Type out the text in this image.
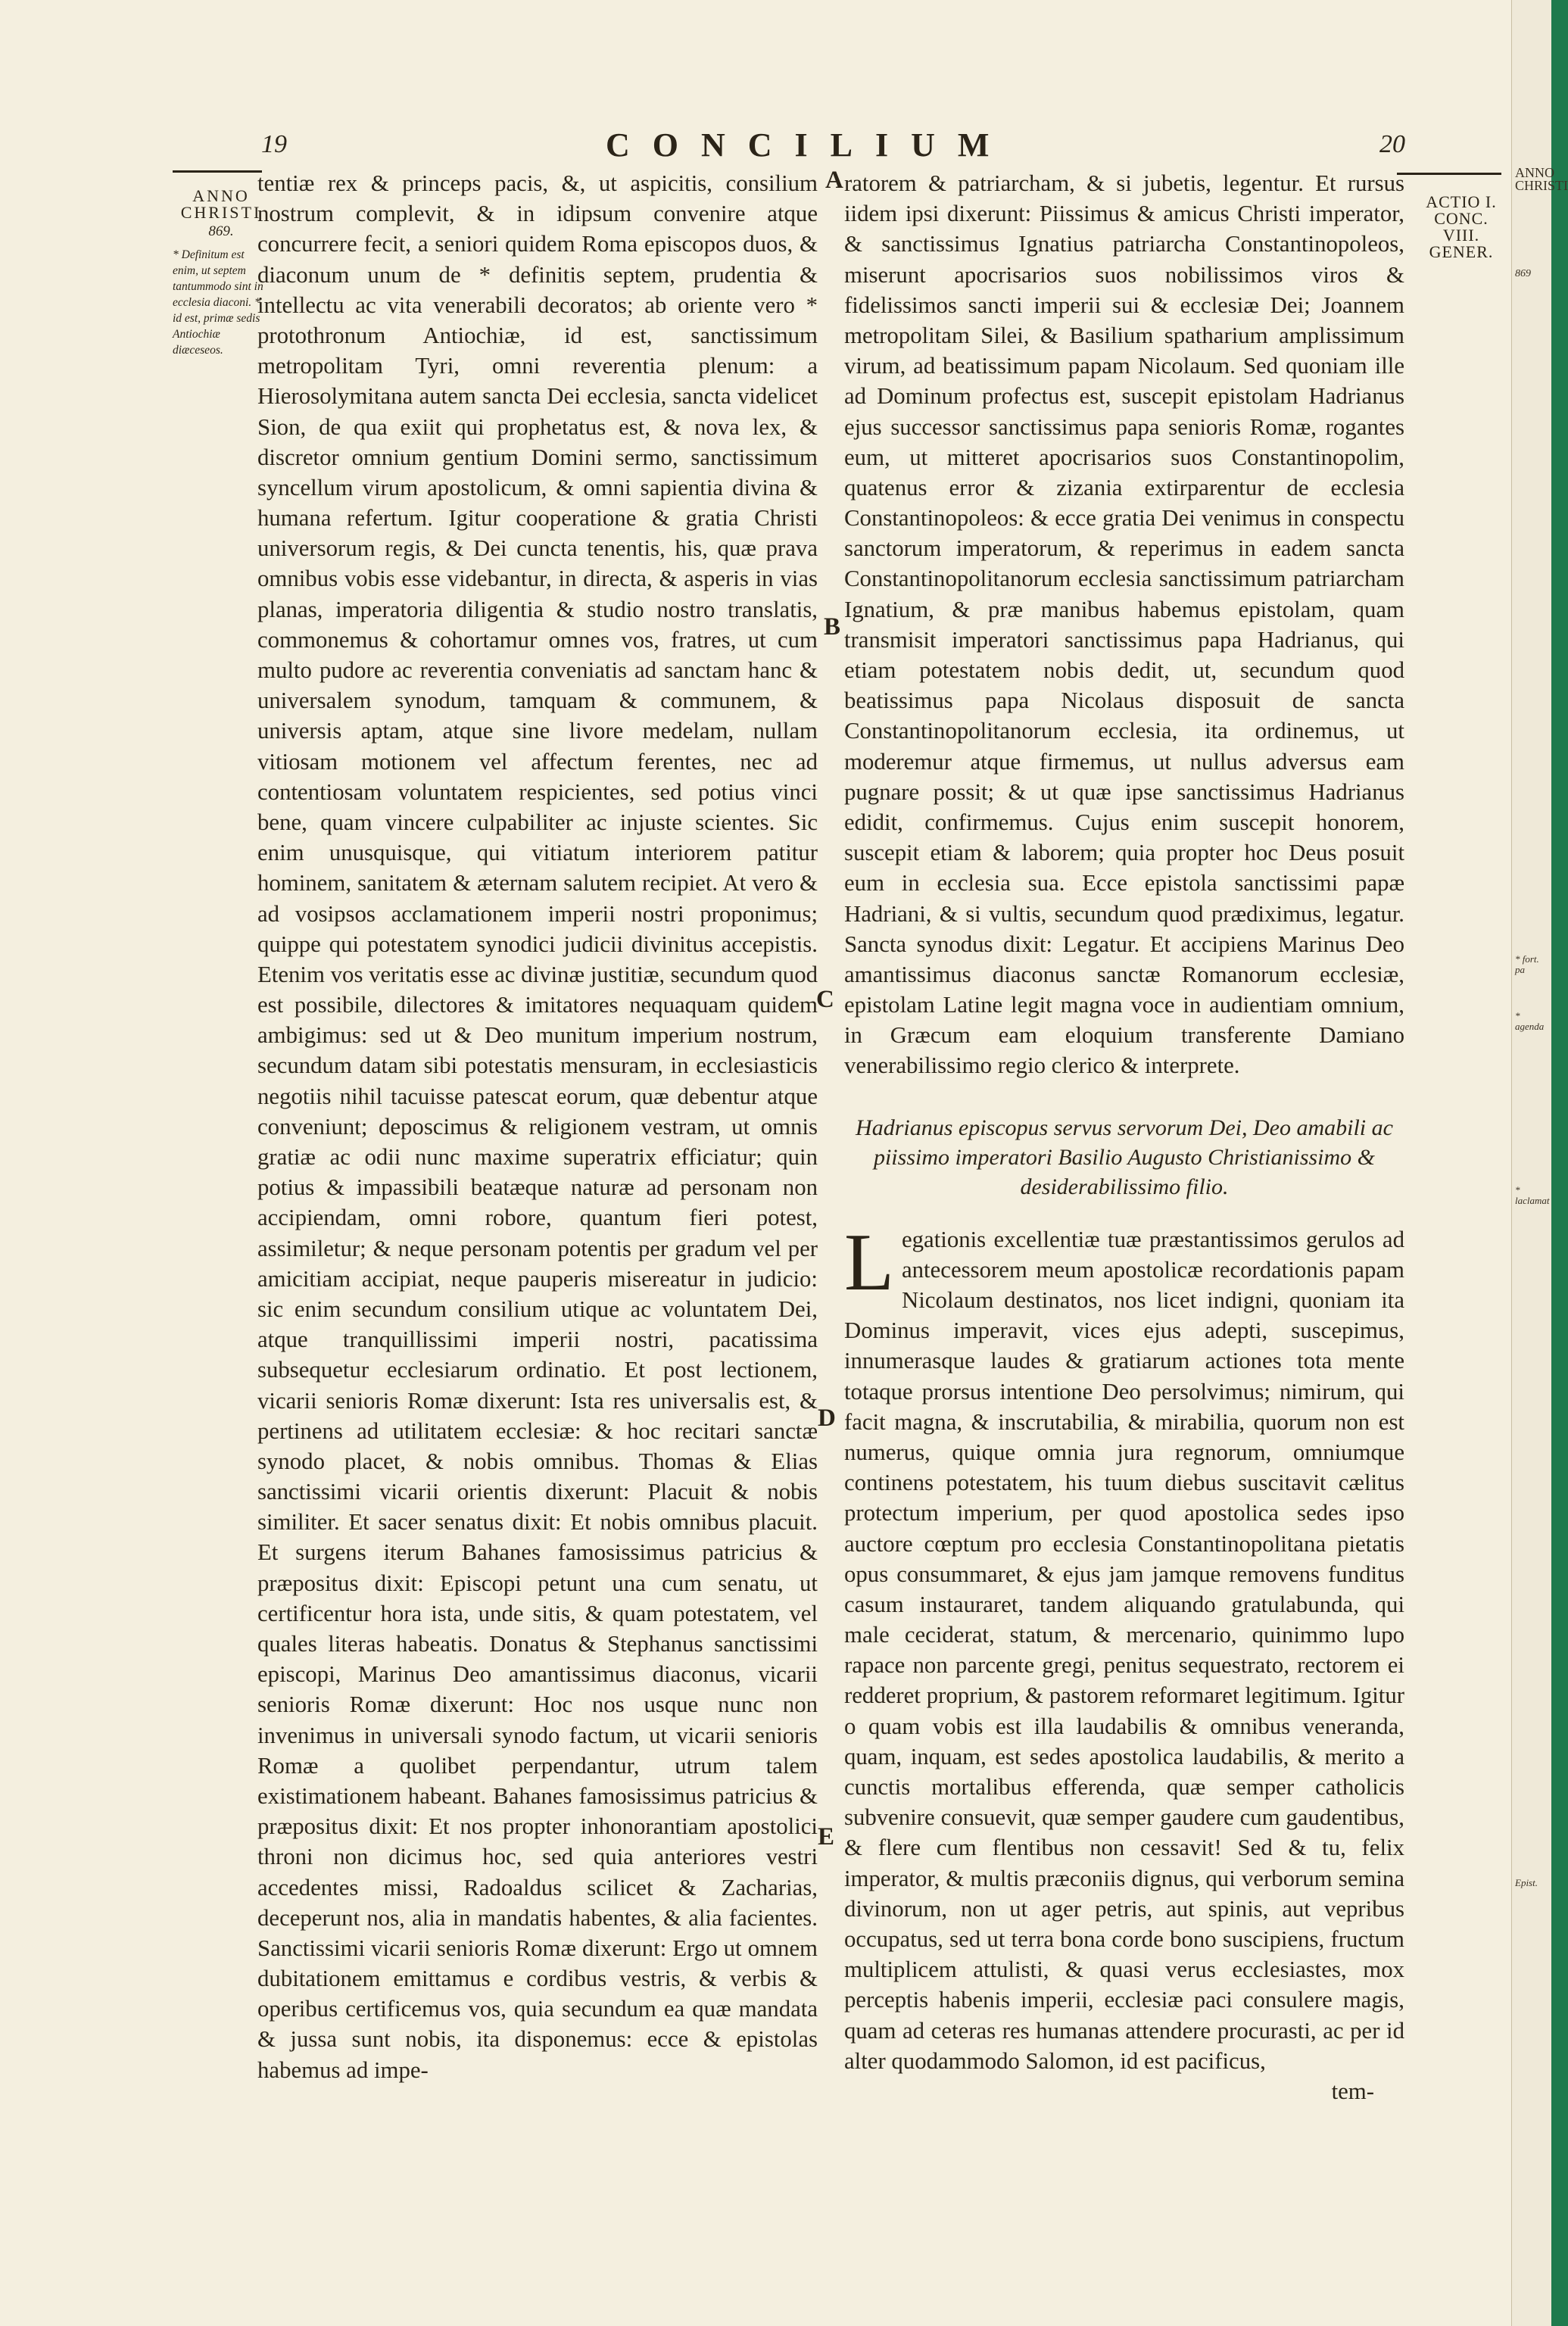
19	CONCILIUM	20
ANNO
CHRISTI
869.
* Definitum est enim, ut septem tantummodo sint in ecclesia diaconi. * id est, primæ sedis Antiochiæ diæceseos.
ACTIO I.
CONC. VIII.
GENER.
A
B
C
D
E

tentiæ rex & princeps pacis, &, ut aspicitis, consilium nostrum complevit, & in idipsum convenire atque concurrere fecit, a seniori quidem Roma episcopos duos, & diaconum unum de * definitis septem, prudentia & intellectu ac vita venerabili decoratos; ab oriente vero * protothronum Antiochiæ, id est, sanctissimum metropolitam Tyri, omni reverentia plenum: a Hierosolymitana autem sancta Dei ecclesia, sancta videlicet Sion, de qua exiit qui prophetatus est, & nova lex, & discretor omnium gentium Domini sermo, sanctissimum syncellum virum apostolicum, & omni sapientia divina & humana refertum. Igitur cooperatione & gratia Christi universorum regis, & Dei cuncta tenentis, his, quæ prava omnibus vobis esse videbantur, in directa, & asperis in vias planas, imperatoria diligentia & studio nostro translatis, commonemus & cohortamur omnes vos, fratres, ut cum multo pudore ac reverentia conveniatis ad sanctam hanc & universalem synodum, tamquam & communem, & universis aptam, atque sine livore medelam, nullam vitiosam motionem vel affectum ferentes, nec ad contentiosam voluntatem respicientes, sed potius vinci bene, quam vincere culpabiliter ac injuste scientes. Sic enim unusquisque, qui vitiatum interiorem patitur hominem, sanitatem & æternam salutem recipiet. At vero & ad vosipsos acclamationem imperii nostri proponimus; quippe qui potestatem synodici judicii divinitus accepistis. Etenim vos veritatis esse ac divinæ justitiæ, secundum quod est possibile, dilectores & imitatores nequaquam quidem ambigimus: sed ut & Deo munitum imperium nostrum, secundum datam sibi potestatis mensuram, in ecclesiasticis negotiis nihil tacuisse patescat eorum, quæ debentur atque conveniunt; deposcimus & religionem vestram, ut omnis gratiæ ac odii nunc maxime superatrix efficiatur; quin potius & impassibili beatæque naturæ ad personam non accipiendam, omni robore, quantum fieri potest, assimiletur; & neque personam potentis per gradum vel per amicitiam accipiat, neque pauperis misereatur in judicio: sic enim secundum consilium utique ac voluntatem Dei, atque tranquillissimi imperii nostri, pacatissima subsequetur ecclesiarum ordinatio. Et post lectionem, vicarii senioris Romæ dixerunt: Ista res universalis est, & pertinens ad utilitatem ecclesiæ: & hoc recitari sanctæ synodo placet, & nobis omnibus. Thomas & Elias sanctissimi vicarii orientis dixerunt: Placuit & nobis similiter. Et sacer senatus dixit: Et nobis omnibus placuit. Et surgens iterum Bahanes famosissimus patricius & præpositus dixit: Episcopi petunt una cum senatu, ut certificentur hora ista, unde sitis, & quam potestatem, vel quales literas habeatis. Donatus & Stephanus sanctissimi episcopi, Marinus Deo amantissimus diaconus, vicarii senioris Romæ dixerunt: Hoc nos usque nunc non invenimus in universali synodo factum, ut vicarii senioris Romæ a quolibet perpendantur, utrum talem existimationem habeant. Bahanes famosissimus patricius & præpositus dixit: Et nos propter inhonorantiam apostolici throni non dicimus hoc, sed quia anteriores vestri accedentes missi, Radoaldus scilicet & Zacharias, deceperunt nos, alia in mandatis habentes, & alia facientes. Sanctissimi vicarii senioris Romæ dixerunt: Ergo ut omnem dubitationem emittamus e cordibus vestris, & verbis & operibus certificemus vos, quia secundum ea quæ mandata & jussa sunt nobis, ita disponemus: ecce & epistolas habemus ad impe-

ratorem & patriarcham, & si jubetis, legentur. Et rursus iidem ipsi dixerunt: Piissimus & amicus Christi imperator, & sanctissimus Ignatius patriarcha Constantinopoleos, miserunt apocrisarios suos nobilissimos viros & fidelissimos sancti imperii sui & ecclesiæ Dei; Joannem metropolitam Silei, & Basilium spatharium amplissimum virum, ad beatissimum papam Nicolaum. Sed quoniam ille ad Dominum profectus est, suscepit epistolam Hadrianus ejus successor sanctissimus papa senioris Romæ, rogantes eum, ut mitteret apocrisarios suos Constantinopolim, quatenus error & zizania extirparentur de ecclesia Constantinopoleos: & ecce gratia Dei venimus in conspectu sanctorum imperatorum, & reperimus in eadem sancta Constantinopolitanorum ecclesia sanctissimum patriarcham Ignatium, & præ manibus habemus epistolam, quam transmisit imperatori sanctissimus papa Hadrianus, qui etiam potestatem nobis dedit, ut, secundum quod beatissimus papa Nicolaus disposuit de sancta Constantinopolitanorum ecclesia, ita ordinemus, ut moderemur atque firmemus, ut nullus adversus eam pugnare possit; & ut quæ ipse sanctissimus Hadrianus edidit, confirmemus. Cujus enim suscepit honorem, suscepit etiam & laborem; quia propter hoc Deus posuit eum in ecclesia sua. Ecce epistola sanctissimi papæ Hadriani, & si vultis, secundum quod prædiximus, legatur. Sancta synodus dixit: Legatur. Et accipiens Marinus Deo amantissimus diaconus sanctæ Romanorum ecclesiæ, epistolam Latine legit magna voce in audientiam omnium, in Græcum eam eloquium transferente Damiano venerabilissimo regio clerico & interprete.

Hadrianus episcopus servus servorum Dei, Deo amabili ac piissimo imperatori Basilio Augusto Christianissimo & desiderabilissimo filio.

Legationis excellentiæ tuæ præstantissimos gerulos ad antecessorem meum apostolicæ recordationis papam Nicolaum destinatos, nos licet indigni, quoniam ita Dominus imperavit, vices ejus adepti, suscepimus, innumerasque laudes & gratiarum actiones tota mente totaque prorsus intentione Deo persolvimus; nimirum, qui facit magna, & inscrutabilia, & mirabilia, quorum non est numerus, quique omnia jura regnorum, omniumque continens potestatem, his tuum diebus suscitavit cælitus protectum imperium, per quod apostolica sedes ipso auctore cœptum pro ecclesia Constantinopolitana pietatis opus consummaret, & ejus jam jamque removens funditus casum instauraret, tandem aliquando gratulabunda, qui male ceciderat, statum, & mercenario, quinimmo lupo rapace non parcente gregi, penitus sequestrato, rectorem ei redderet proprium, & pastorem reformaret legitimum. Igitur o quam vobis est illa laudabilis & omnibus veneranda, quam, inquam, est sedes apostolica laudabilis, & merito a cunctis mortalibus efferenda, quæ semper catholicis subvenire consuevit, quæ semper gaudere cum gaudentibus, & flere cum flentibus non cessavit! Sed & tu, felix imperator, & multis præconiis dignus, qui verborum semina divinorum, non ut ager petris, aut spinis, aut vepribus occupatus, sed ut terra bona corde bono suscipiens, fructum multiplicem attulisti, & quasi verus ecclesiastes, mox perceptis habenis imperii, ecclesiæ paci consulere magis, quam ad ceteras res humanas attendere procurasti, ac per id alter quodammodo Salomon, id est pacificus,

tem-

ANNO CHRISTI
869
* fort. pa
* agenda
* laclamat
Epist.
